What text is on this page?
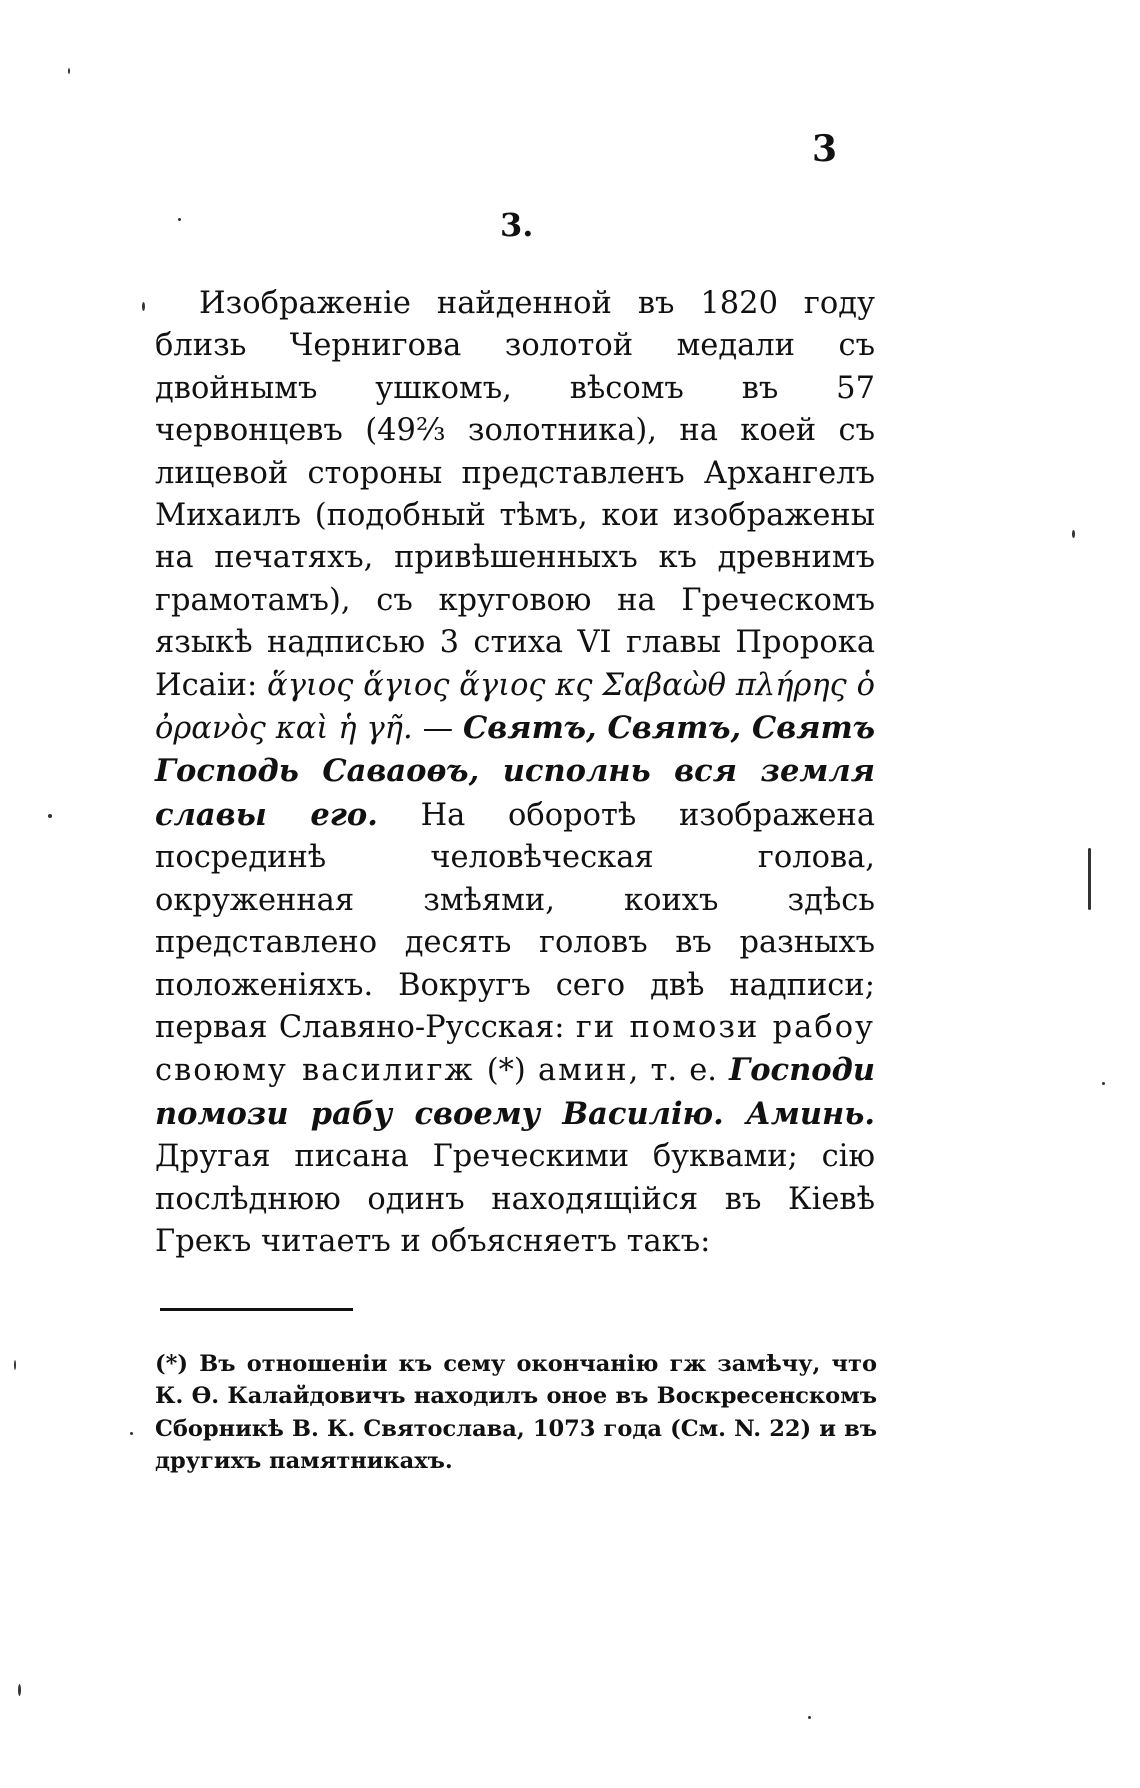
3
3.

Изображеніе найденной въ 1820 году близь Чернигова золотой медали съ двойнымъ ушкомъ, вѣсомъ въ 57 червонцевъ (49⅔ золотника), на коей съ лицевой стороны представленъ Архангелъ Михаилъ (подобный тѣмъ, кои изображены на печатяхъ, привѣшенныхъ къ древнимъ грамотамъ), съ круговою на Греческомъ языкѣ надписью 3 стиха VI главы Пророка Исаіи: ἅγιος ἅγιος ἅγιος κς Σαβαὼθ πλήρης ὁ ὀρανὸς καὶ ἡ γῆ. — Святъ, Святъ, Святъ Господь Саваоѳъ, исполнь вся земля славы его. На оборотѣ изображена посрединѣ человѣческая голова, окруженная змѣями, коихъ здѣсь представлено десять головъ въ разныхъ положеніяхъ. Вокругъ сего двѣ надписи; первая Славяно-Русская: ги помози рабоу своюму василигж (*) амин, т. е. Господи помози рабу своему Василію. Аминь. Другая писана Греческими буквами; сію послѣднюю одинъ находящійся въ Кіевѣ Грекъ читаетъ и объясняетъ такъ:

(*) Въ отношеніи къ сему окончанію гж замѣчу, что К. Ѳ. Калайдовичъ находилъ оное въ Воскресенскомъ Сборникѣ В. К. Святослава, 1073 года (См. N. 22) и въ другихъ памятникахъ.
